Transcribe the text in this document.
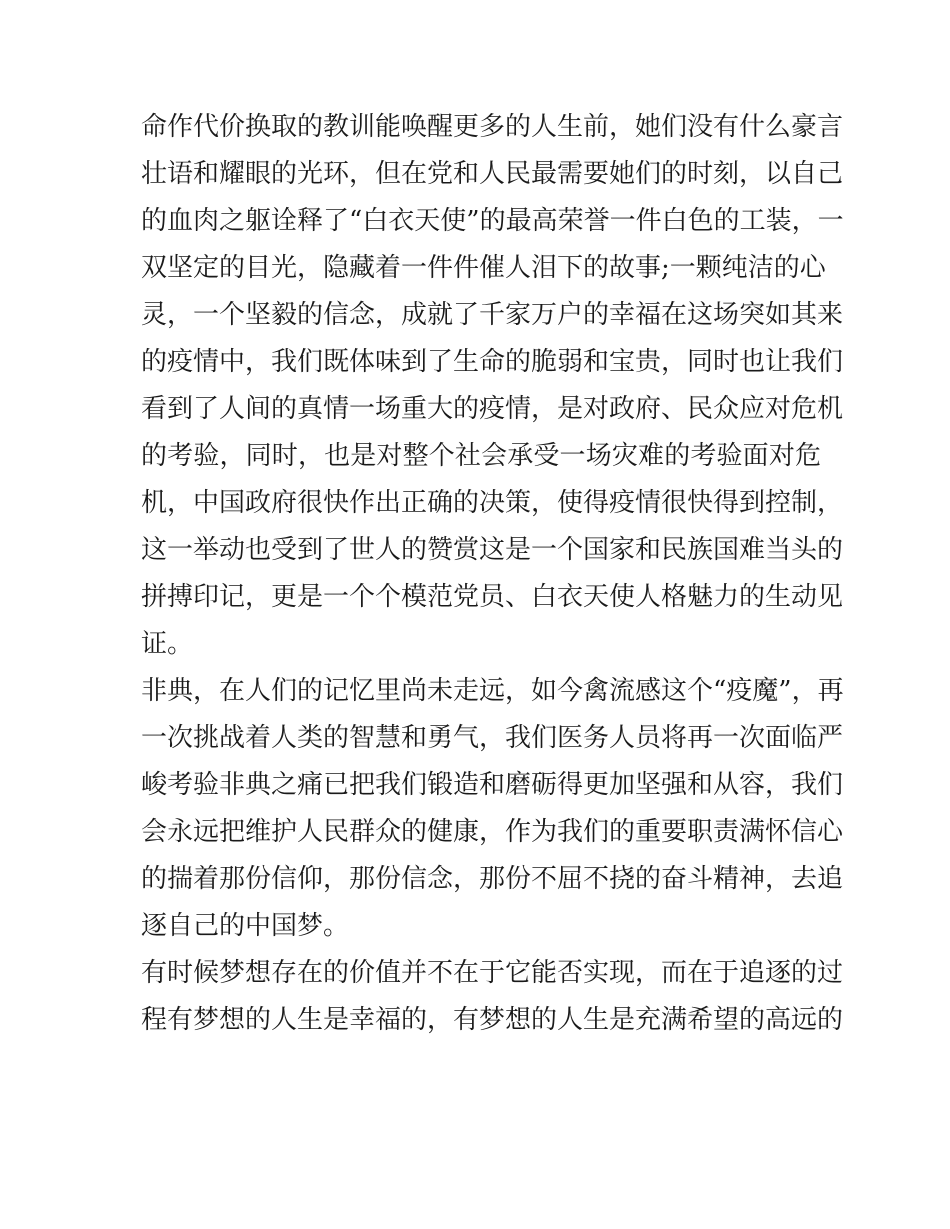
命作代价换取的教训能唤醒更多的人生前，她们没有什么豪言
壮语和耀眼的光环，但在党和人民最需要她们的时刻，以自己
的血肉之躯诠释了“白衣天使”的最高荣誉一件白色的工装，一
双坚定的目光，隐藏着一件件催人泪下的故事;一颗纯洁的心
灵，一个坚毅的信念，成就了千家万户的幸福在这场突如其来
的疫情中，我们既体味到了生命的脆弱和宝贵，同时也让我们
看到了人间的真情一场重大的疫情，是对政府、民众应对危机
的考验，同时，也是对整个社会承受一场灾难的考验面对危
机，中国政府很快作出正确的决策，使得疫情很快得到控制，
这一举动也受到了世人的赞赏这是一个国家和民族国难当头的
拼搏印记，更是一个个模范党员、白衣天使人格魅力的生动见
证。
非典，在人们的记忆里尚未走远，如今禽流感这个“疫魔”，再
一次挑战着人类的智慧和勇气，我们医务人员将再一次面临严
峻考验非典之痛已把我们锻造和磨砺得更加坚强和从容，我们
会永远把维护人民群众的健康，作为我们的重要职责满怀信心
的揣着那份信仰，那份信念，那份不屈不挠的奋斗精神，去追
逐自己的中国梦。
有时候梦想存在的价值并不在于它能否实现，而在于追逐的过
程有梦想的人生是幸福的，有梦想的人生是充满希望的高远的
